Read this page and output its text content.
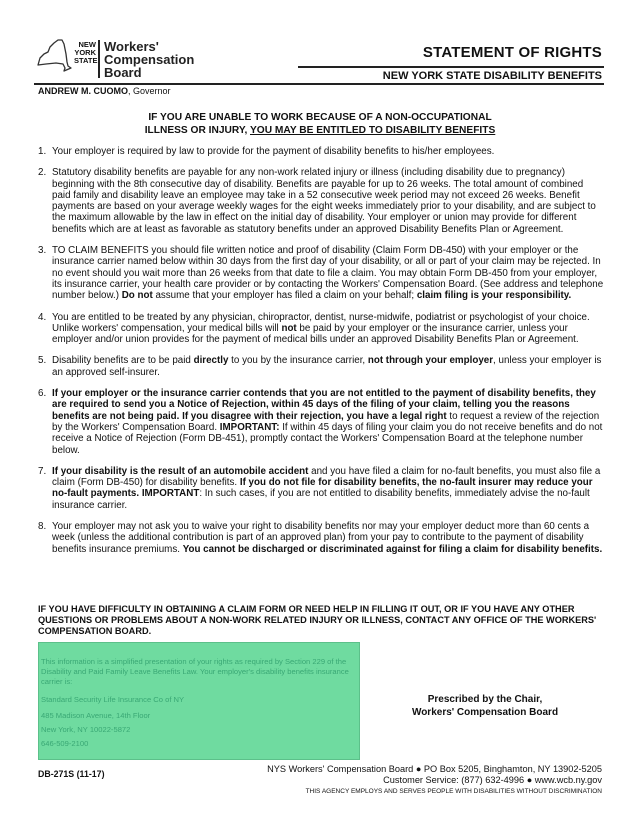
NEW
YORK
STATE
Workers'
Compensation
Board
STATEMENT OF RIGHTS
NEW YORK STATE DISABILITY BENEFITS
ANDREW M. CUOMO, Governor
IF YOU ARE UNABLE TO WORK BECAUSE OF A NON-OCCUPATIONAL
ILLNESS OR INJURY, YOU MAY BE ENTITLED TO DISABILITY BENEFITS
1. Your employer is required by law to provide for the payment of disability benefits to his/her employees.
2. Statutory disability benefits are payable for any non-work related injury or illness (including disability due to pregnancy) beginning with the 8th consecutive day of disability. Benefits are payable for up to 26 weeks. The total amount of combined paid family and disability leave an employee may take in a 52 consecutive week period may not exceed 26 weeks. Benefit payments are based on your average weekly wages for the eight weeks immediately prior to your disability, and are subject to the maximum allowable by the law in effect on the initial day of disability. Your employer or union may provide for different benefits which are at least as favorable as statutory benefits under an approved Disability Benefits Plan or Agreement.
3. TO CLAIM BENEFITS you should file written notice and proof of disability (Claim Form DB-450) with your employer or the insurance carrier named below within 30 days from the first day of your disability, or all or part of your claim may be rejected. In no event should you wait more than 26 weeks from that date to file a claim. You may obtain Form DB-450 from your employer, its insurance carrier, your health care provider or by contacting the Workers' Compensation Board. (See address and telephone number below.) Do not assume that your employer has filed a claim on your behalf; claim filing is your responsibility.
4. You are entitled to be treated by any physician, chiropractor, dentist, nurse-midwife, podiatrist or psychologist of your choice. Unlike workers' compensation, your medical bills will not be paid by your employer or the insurance carrier, unless your employer and/or union provides for the payment of medical bills under an approved Disability Benefits Plan or Agreement.
5. Disability benefits are to be paid directly to you by the insurance carrier, not through your employer, unless your employer is an approved self-insurer.
6. If your employer or the insurance carrier contends that you are not entitled to the payment of disability benefits, they are required to send you a Notice of Rejection, within 45 days of the filing of your claim, telling you the reasons benefits are not being paid. If you disagree with their rejection, you have a legal right to request a review of the rejection by the Workers' Compensation Board. IMPORTANT: If within 45 days of filing your claim you do not receive benefits and do not receive a Notice of Rejection (Form DB-451), promptly contact the Workers' Compensation Board at the telephone number below.
7. If your disability is the result of an automobile accident and you have filed a claim for no-fault benefits, you must also file a claim (Form DB-450) for disability benefits. If you do not file for disability benefits, the no-fault insurer may reduce your no-fault payments. IMPORTANT: In such cases, if you are not entitled to disability benefits, immediately advise the no-fault insurance carrier.
8. Your employer may not ask you to waive your right to disability benefits nor may your employer deduct more than 60 cents a week (unless the additional contribution is part of an approved plan) from your pay to contribute to the payment of disability benefits insurance premiums. You cannot be discharged or discriminated against for filing a claim for disability benefits.
IF YOU HAVE DIFFICULTY IN OBTAINING A CLAIM FORM OR NEED HELP IN FILLING IT OUT, OR IF YOU HAVE ANY OTHER QUESTIONS OR PROBLEMS ABOUT A NON-WORK RELATED INJURY OR ILLNESS, CONTACT ANY OFFICE OF THE WORKERS' COMPENSATION BOARD.
This information is a simplified presentation of your rights as required by Section 229 of the Disability and Paid Family Leave Benefits Law. Your employer's disability benefits insurance carrier is:
Standard Security Life Insurance Co of NY
485 Madison Avenue, 14th Floor
New York, NY 10022-5872
646-509-2100
Prescribed by the Chair,
Workers' Compensation Board
DB-271S (11-17)	NYS Workers' Compensation Board ● PO Box 5205, Binghamton, NY 13902-5205
Customer Service: (877) 632-4996 ● www.wcb.ny.gov
THIS AGENCY EMPLOYS AND SERVES PEOPLE WITH DISABILITIES WITHOUT DISCRIMINATION
